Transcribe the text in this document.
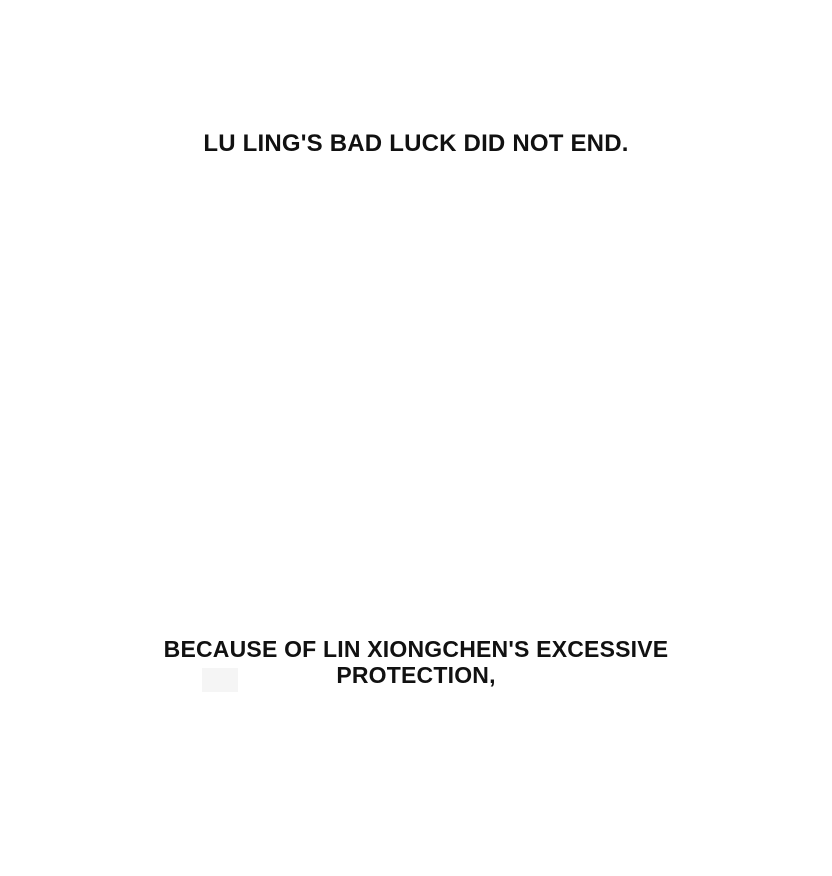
LU LING'S BAD LUCK DID NOT END.
BECAUSE OF LIN XIONGCHEN'S EXCESSIVE PROTECTION,
